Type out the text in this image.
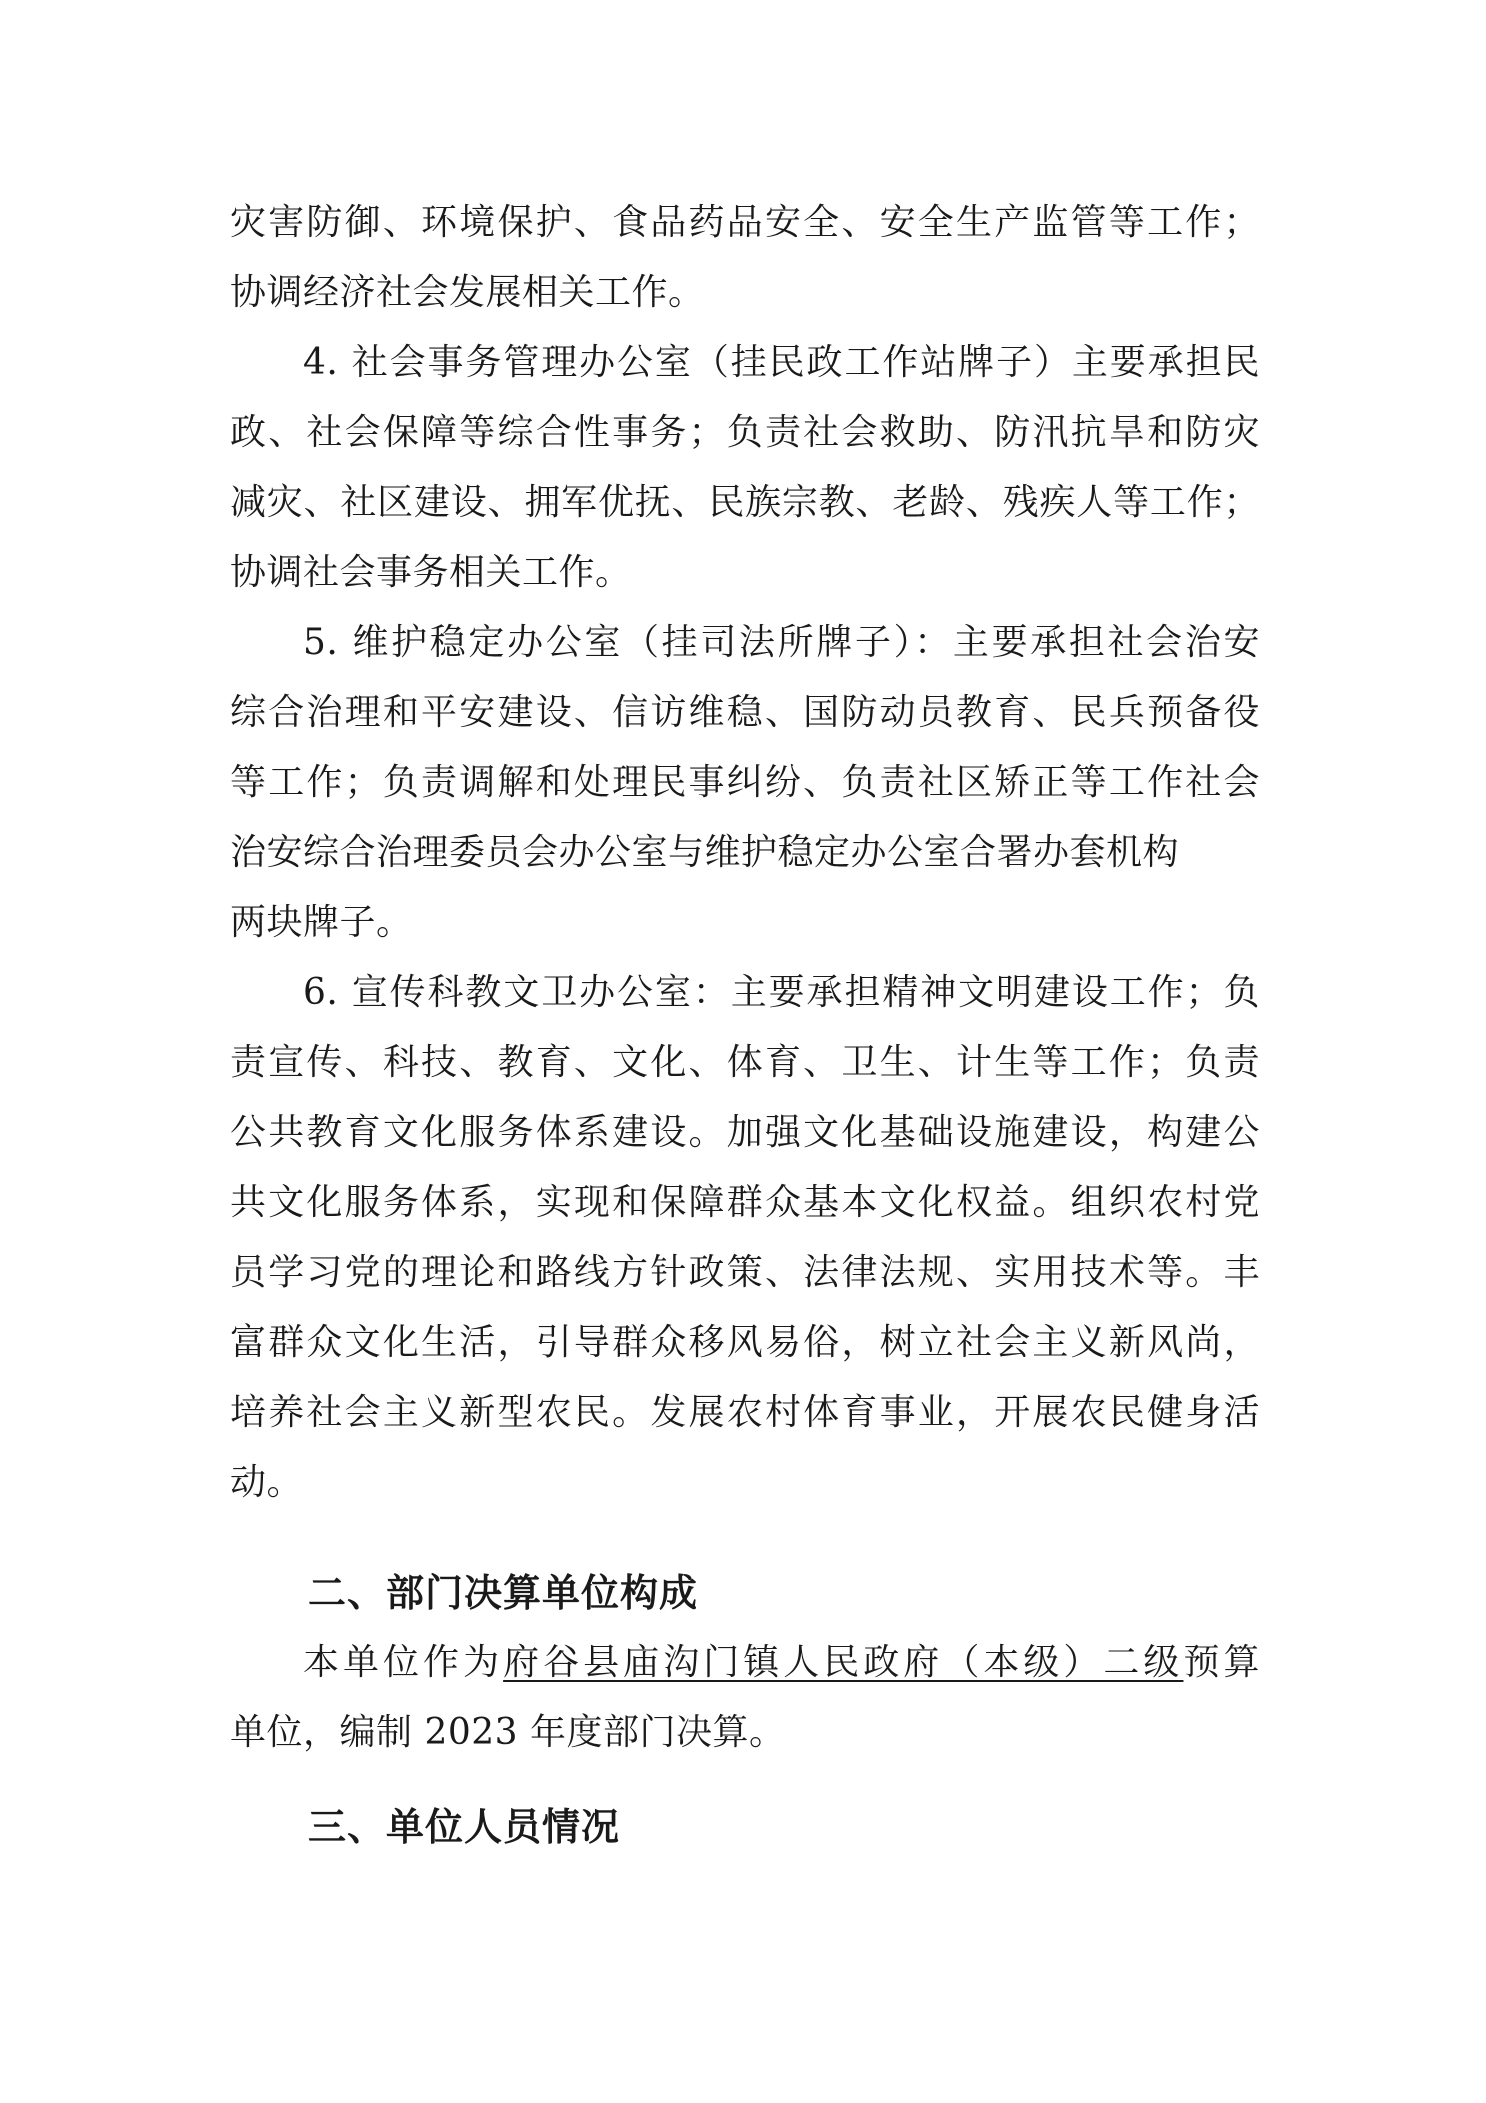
灾害防御、环境保护、食品药品安全、安全生产监管等工作；
协调经济社会发展相关工作。
4. 社会事务管理办公室（挂民政工作站牌子）主要承担民
政、社会保障等综合性事务；负责社会救助、防汛抗旱和防灾
减灾、社区建设、拥军优抚、民族宗教、老龄、残疾人等工作；
协调社会事务相关工作。
5. 维护稳定办公室（挂司法所牌子）：主要承担社会治安
综合治理和平安建设、信访维稳、国防动员教育、民兵预备役
等工作；负责调解和处理民事纠纷、负责社区矫正等工作社会
治安综合治理委员会办公室与维护稳定办公室合署办套机构
两块牌子。
6. 宣传科教文卫办公室：主要承担精神文明建设工作；负
责宣传、科技、教育、文化、体育、卫生、计生等工作；负责
公共教育文化服务体系建设。加强文化基础设施建设，构建公
共文化服务体系，实现和保障群众基本文化权益。组织农村党
员学习党的理论和路线方针政策、法律法规、实用技术等。丰
富群众文化生活，引导群众移风易俗，树立社会主义新风尚，
培养社会主义新型农民。发展农村体育事业，开展农民健身活
动。
二、部门决算单位构成
本单位作为府谷县庙沟门镇人民政府（本级）二级预算
单位，编制 2023 年度部门决算。
三、单位人员情况
